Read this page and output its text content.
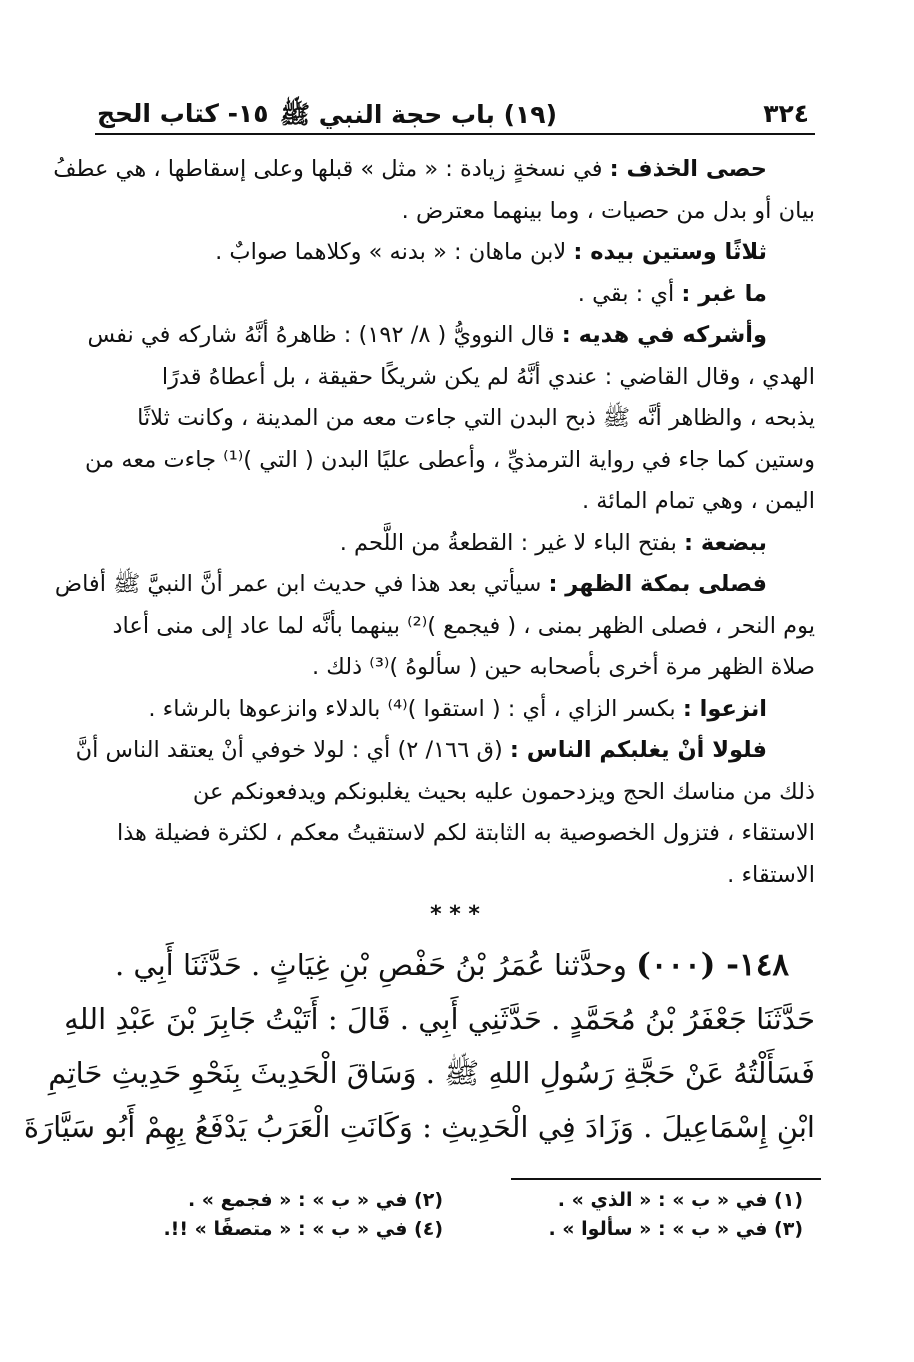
٣٢٤
(١٩) باب حجة النبي ﷺ
١٥- كتاب الحج

حصى الخذف : في نسخةٍ زيادة : « مثل » قبلها وعلى إسقاطها ، هي عطفُ

بيان أو بدل من حصيات ، وما بينهما معترض .

ثلاثًا وستين بيده : لابن ماهان : « بدنه » وكلاهما صوابٌ .

ما غبر : أي : بقي .

وأشركه في هديه : قال النوويُّ ( ٨/ ١٩٢) : ظاهرهُ أنَّهُ شاركه في نفس

الهدي ، وقال القاضي : عندي أنَّهُ لم يكن شريكًا حقيقة ، بل أعطاهُ قدرًا

يذبحه ، والظاهر أنَّه ﷺ ذبح البدن التي جاءت معه من المدينة ، وكانت ثلاثًا

وستين كما جاء في رواية الترمذيِّ ، وأعطى عليًا البدن ( التي )⁽¹⁾ جاءت معه من

اليمن ، وهي تمام المائة .

ببضعة : بفتح الباء لا غير : القطعةُ من اللَّحم .

فصلى بمكة الظهر : سيأتي بعد هذا في حديث ابن عمر أنَّ النبيَّ ﷺ أفاض

يوم النحر ، فصلى الظهر بمنى ، ( فيجمع )⁽²⁾ بينهما بأنَّه لما عاد إلى منى أعاد

صلاة الظهر مرة أخرى بأصحابه حين ( سألوهُ )⁽³⁾ ذلك .

انزعوا : بكسر الزاي ، أي : ( استقوا )⁽⁴⁾ بالدلاء وانزعوها بالرشاء .

فلولا أنْ يغلبكم الناس : (ق ١٦٦/ ٢) أي : لولا خوفي أنْ يعتقد الناس أنَّ

ذلك من مناسك الحج ويزدحمون عليه بحيث يغلبونكم ويدفعونكم عن

الاستقاء ، فتزول الخصوصية به الثابتة لكم لاستقيتُ معكم ، لكثرة فضيلة هذا

الاستقاء .

* * *

١٤٨- (٠٠٠) وحدَّثنا عُمَرُ بْنُ حَفْصِ بْنِ غِيَاثٍ . حَدَّثَنَا أَبِي .

حَدَّثَنَا جَعْفَرُ بْنُ مُحَمَّدٍ . حَدَّثَنِي أَبِي . قَالَ : أَتَيْتُ جَابِرَ بْنَ عَبْدِ اللهِ

فَسَأَلْتُهُ عَنْ حَجَّةِ رَسُولِ اللهِ ﷺ . وَسَاقَ الْحَدِيثَ بِنَحْوِ حَدِيثِ حَاتِمِ

ابْنِ إِسْمَاعِيلَ . وَزَادَ فِي الْحَدِيثِ : وَكَانَتِ الْعَرَبُ يَدْفَعُ بِهِمْ أَبُو سَيَّارَةَ

(١) في « ب » : « الذي » .
(٢) في « ب » : « فجمع » .
(٣) في « ب » : « سألوا » .
(٤) في « ب » : « متصفًا » !!.
